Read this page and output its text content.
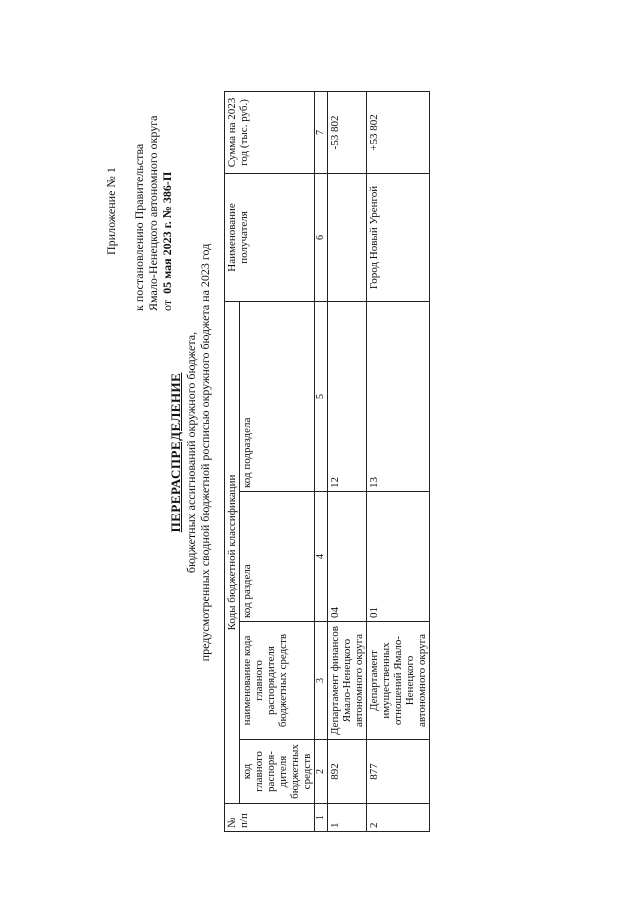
Приложение № 1 к постановлению Правительства Ямало-Ненецкого автономного округа от  05 мая 2023 г. № 386-П
ПЕРЕРАСПРЕДЕЛЕНИЕ бюджетных ассигнований окружного бюджета, предусмотренных сводной бюджетной росписью окружного бюджета на 2023 год
№ п/п	Коды бюджетной классификации				Наименование получателя	Сумма на 2023 год (тыс. руб.)
	код главного распоря-дителя бюджетных средств	наименование кода главного распорядителя бюджетных средств	код раздела	код подраздела		
1	2	3	4	5	6	7
1	892	Департамент финансов Ямало-Ненецкого автономного округа	04	12		-53 802
2	877	Департамент имущественных отношений Ямало-Ненецкого автономного округа	01	13	Город Новый Уренгой	+53 802
